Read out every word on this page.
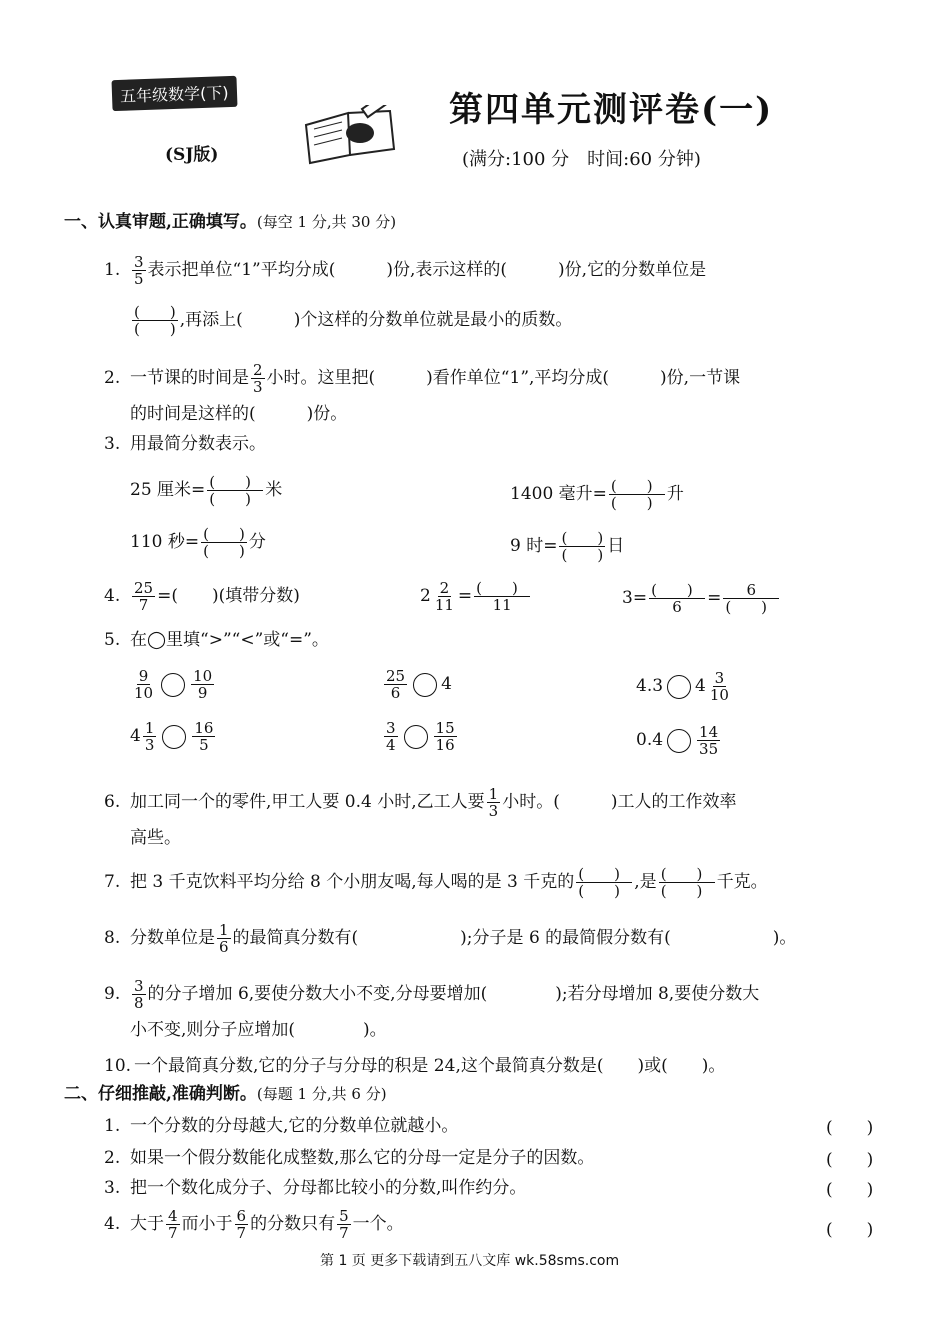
五年级数学(下)
(SJ版)
第四单元测评卷(一)
(满分:100 分　时间:60 分钟)
一、认真审题,正确填写。(每空 1 分,共 30 分)
1. $\frac{3}{5}$ 表示把单位“1”平均分成(　　　)份,表示这样的(　　　)份,它的分数单位是
$\frac{( )}{( )}$ ,再添上(　　　)个这样的分数单位就是最小的质数。
2. 一节课的时间是 $\frac{2}{3}$ 小时。这里把(　　　)看作单位“1”,平均分成(　　　)份,一节课
的时间是这样的(　　　)份。
3. 用最简分数表示。
25 厘米= $\frac{( )}{( )}$ 米	1400 毫升= $\frac{( )}{( )}$ 升
110 秒= $\frac{( )}{( )}$ 分	9 时= $\frac{( )}{( )}$ 日
4. $\frac{25}{7}$ =(　　)(填带分数)	$2 \frac{2}{11} = \frac{( )}{11}$	$3= \frac{( )}{6} = \frac{6}{( )}$
5. 在◯里填“>”“<”或“=”。
$\frac{9}{10} \frac{10}{9}$	$\frac{25}{6} 4$	4.3 $4 \frac{3}{10}$
$4 \frac{1}{3} \frac{16}{5}$	$\frac{3}{4} \frac{15}{16}$	$0.4 \frac{14}{35}$
6. 加工同一个的零件,甲工人要 0.4 小时,乙工人要 $\frac{1}{3}$ 小时。(　　　)工人的工作效率
高些。
7. 把 3 千克饮料平均分给 8 个小朋友喝,每人喝的是 3 千克的 $\frac{( )}{( )}$ ,是 $\frac{( )}{( )}$ 千克。
8. 分数单位是 $\frac{1}{6}$ 的最简真分数有(　　　　　　);分子是 6 的最简假分数有(　　　　　　)。
9. $\frac{3}{8}$ 的分子增加 6,要使分数大小不变,分母要增加(　　　　);若分母增加 8,要使分数大
小不变,则分子应增加(　　　　)。
10. 一个最简真分数,它的分子与分母的积是 24,这个最简真分数是(　　)或(　　)。
二、仔细推敲,准确判断。(每题 1 分,共 6 分)
1. 一个分数的分母越大,它的分数单位就越小。	(　　)
2. 如果一个假分数能化成整数,那么它的分母一定是分子的因数。	(　　)
3. 把一个数化成分子、分母都比较小的分数,叫作约分。	(　　)
4. 大于 $\frac{4}{7}$ 而小于 $\frac{6}{7}$ 的分数只有 $\frac{5}{7}$ 一个。	(　　)
第 1 页 更多下载请到五八文库 wk.58sms.com
